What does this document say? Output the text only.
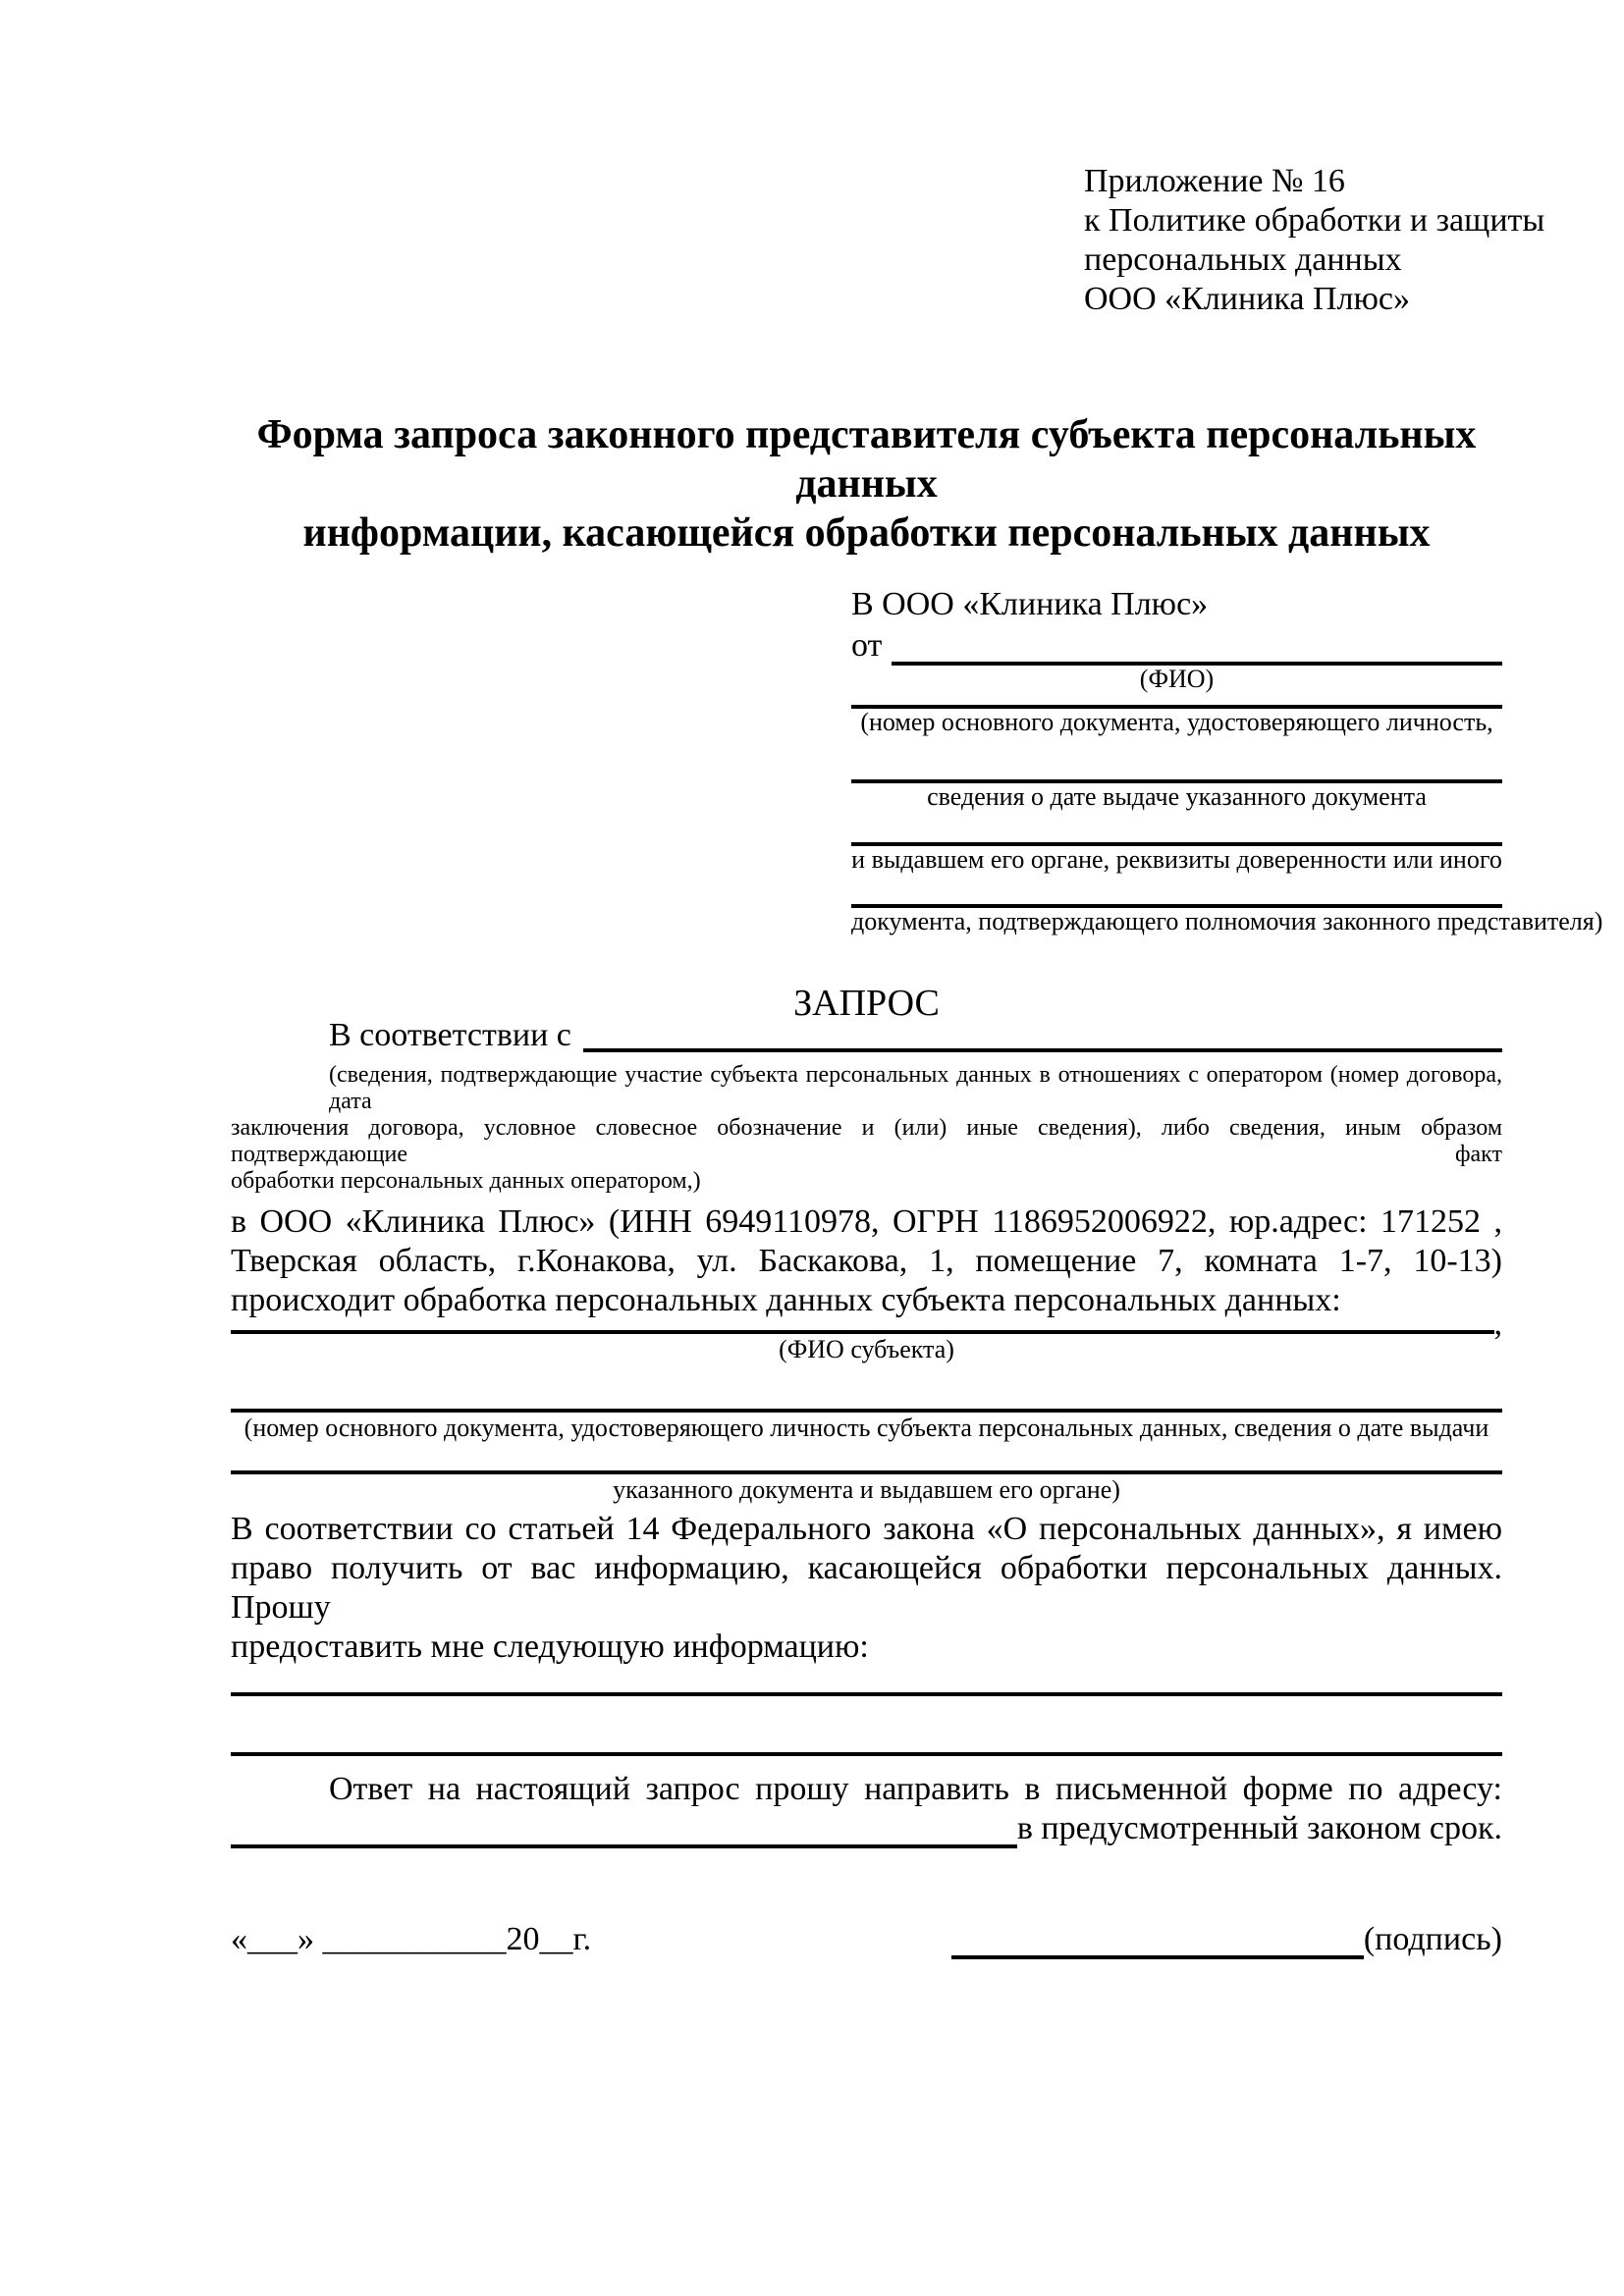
Приложение № 16
к Политике обработки и защиты
персональных данных
ООО «Клиника Плюс»
Форма запроса законного представителя субъекта персональных данных
информации, касающейся обработки персональных данных
В ООО «Клиника Плюс»
от
(ФИО)
(номер основного документа, удостоверяющего личность,
сведения о дате выдаче указанного документа
и выдавшем его органе, реквизиты доверенности или иного
документа, подтверждающего полномочия законного представителя)
ЗАПРОС
В соответствии с
(сведения, подтверждающие участие субъекта персональных данных в отношениях с оператором (номер договора, дата
заключения договора, условное словесное обозначение и (или) иные сведения), либо сведения, иным образом подтверждающие факт
обработки персональных данных оператором,)
в ООО «Клиника Плюс» (ИНН 6949110978, ОГРН 1186952006922, юр.адрес: 171252 ,
Тверская область, г.Конакова, ул. Баскакова, 1, помещение 7, комната 1-7, 10-13)
происходит обработка персональных данных субъекта персональных данных:
,
(ФИО субъекта)
(номер основного документа, удостоверяющего личность субъекта персональных данных, сведения о дате выдачи
указанного документа и выдавшем его органе)
В соответствии со статьей 14 Федерального закона «О персональных данных», я имею
право получить от вас информацию, касающейся обработки персональных данных. Прошу
предоставить мне следующую информацию:
Ответ на настоящий запрос прошу направить в письменной форме по адресу:
в предусмотренный законом срок.
«___» ___________20__г.	(подпись)
